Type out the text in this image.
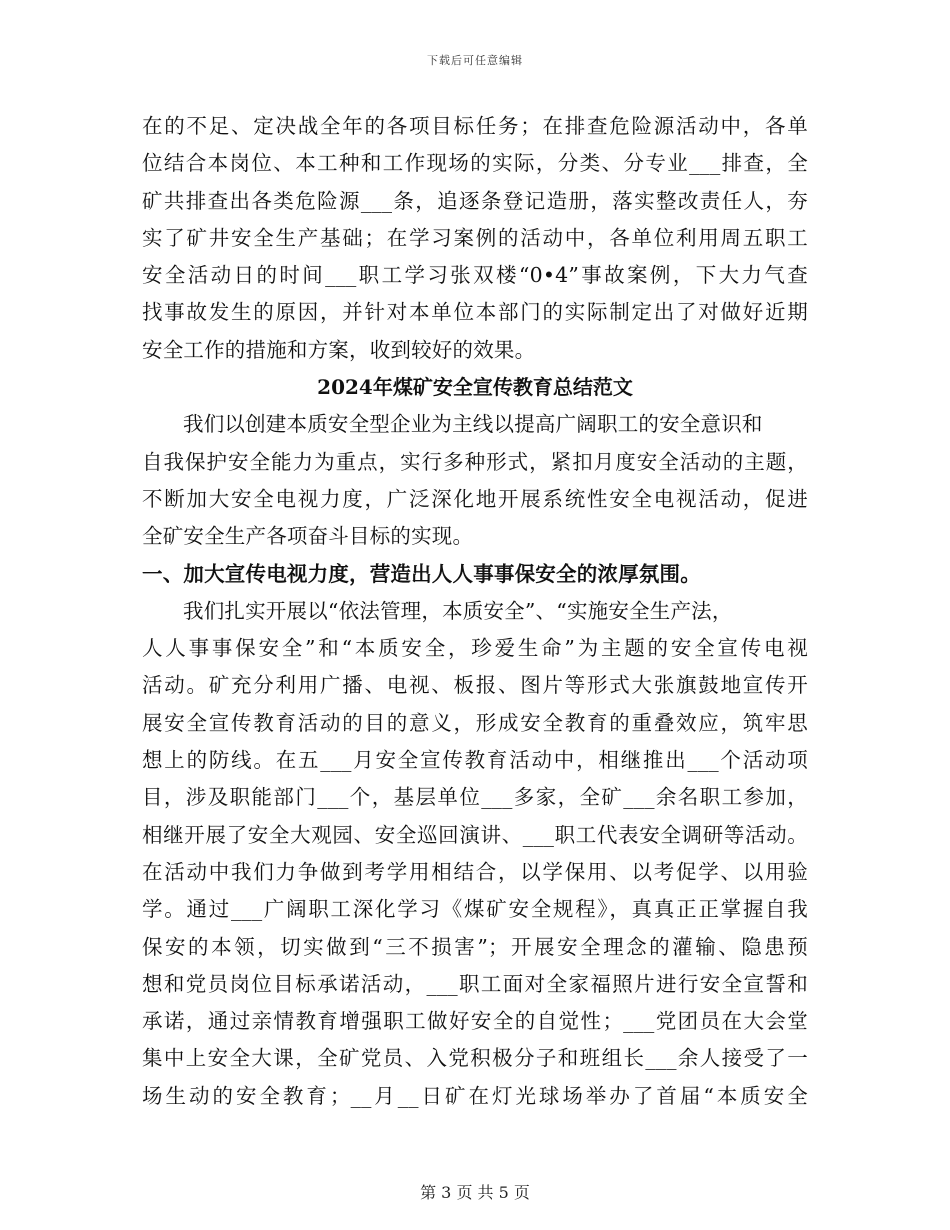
下载后可任意编辑
在的不足、定决战全年的各项目标任务；在排查危险源活动中，各单
位结合本岗位、本工种和工作现场的实际，分类、分专业___排查，全
矿共排查出各类危险源___条，追逐条登记造册，落实整改责任人，夯
实了矿井安全生产基础；在学习案例的活动中，各单位利用周五职工
安全活动日的时间___职工学习张双楼“0•4”事故案例，下大力气查
找事故发生的原因，并针对本单位本部门的实际制定出了对做好近期
安全工作的措施和方案，收到较好的效果。
2024年煤矿安全宣传教育总结范文
我们以创建本质安全型企业为主线以提高广阔职工的安全意识和
自我保护安全能力为重点，实行多种形式，紧扣月度安全活动的主题，
不断加大安全电视力度，广泛深化地开展系统性安全电视活动，促进
全矿安全生产各项奋斗目标的实现。
一、加大宣传电视力度，营造出人人事事保安全的浓厚氛围。
我们扎实开展以“依法管理，本质安全”、“实施安全生产法，
人人事事保安全”和“本质安全，珍爱生命”为主题的安全宣传电视
活动。矿充分利用广播、电视、板报、图片等形式大张旗鼓地宣传开
展安全宣传教育活动的目的意义，形成安全教育的重叠效应，筑牢思
想上的防线。在五___月安全宣传教育活动中，相继推出___个活动项
目，涉及职能部门___个，基层单位___多家，全矿___余名职工参加，
相继开展了安全大观园、安全巡回演讲、___职工代表安全调研等活动。
在活动中我们力争做到考学用相结合，以学保用、以考促学、以用验
学。通过___广阔职工深化学习《煤矿安全规程》，真真正正掌握自我
保安的本领，切实做到“三不损害”；开展安全理念的灌输、隐患预
想和党员岗位目标承诺活动，___职工面对全家福照片进行安全宣誓和
承诺，通过亲情教育增强职工做好安全的自觉性；___党团员在大会堂
集中上安全大课，全矿党员、入党积极分子和班组长___余人接受了一
场生动的安全教育；__月__日矿在灯光球场举办了首届“本质安全
第 3 页 共 5 页
